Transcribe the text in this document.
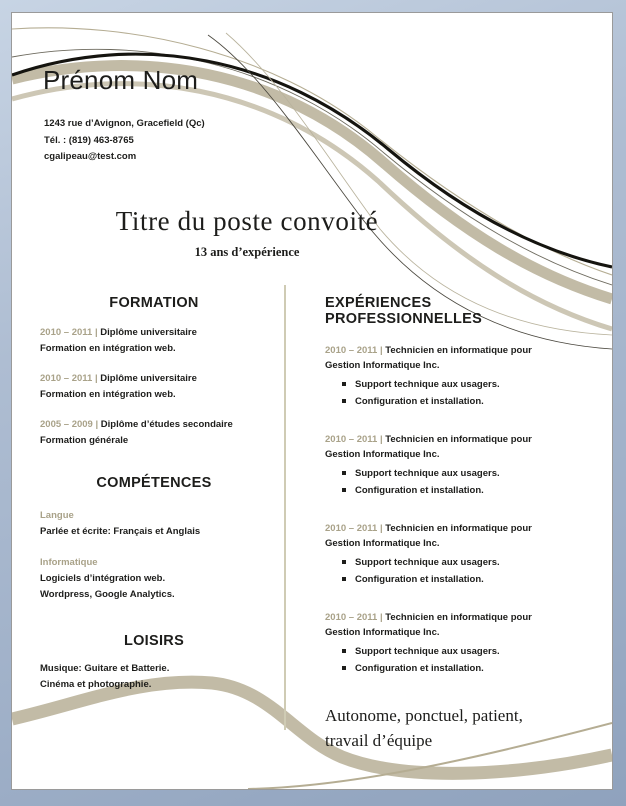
Prénom Nom
1243 rue d’Avignon, Gracefield (Qc)
Tél. : (819) 463-8765
cgalipeau@test.com
Titre du poste convoité
13 ans d’expérience
FORMATION
2010 – 2011 | Diplôme universitaire
Formation en intégration web.
2010 – 2011 | Diplôme universitaire
Formation en intégration web.
2005 – 2009 | Diplôme d’études secondaire
Formation générale
COMPÉTENCES
Langue
Parlée et écrite: Français et Anglais
Informatique
Logiciels d’intégration web.
Wordpress, Google Analytics.
LOISIRS
Musique: Guitare et Batterie.
Cinéma et photographie.
EXPÉRIENCES PROFESSIONNELLES
2010 – 2011 | Technicien en informatique pour
Gestion Informatique Inc.
Support technique aux usagers.
Configuration et installation.
2010 – 2011 | Technicien en informatique pour
Gestion Informatique Inc.
Support technique aux usagers.
Configuration et installation.
2010 – 2011 | Technicien en informatique pour
Gestion Informatique Inc.
Support technique aux usagers.
Configuration et installation.
2010 – 2011 | Technicien en informatique pour
Gestion Informatique Inc.
Support technique aux usagers.
Configuration et installation.
Autonome, ponctuel, patient,
travail d’équipe
